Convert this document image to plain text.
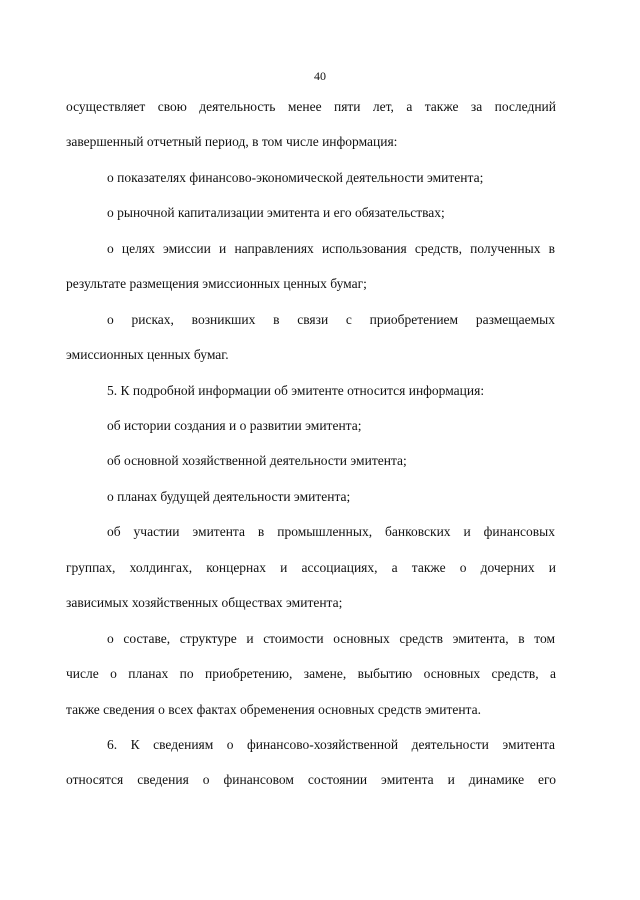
40
осуществляет свою деятельность менее пяти лет, а также за последний
завершенный отчетный период, в том числе информация:
о показателях финансово-экономической деятельности эмитента;
о рыночной капитализации эмитента и его обязательствах;
о целях эмиссии и направлениях использования средств, полученных в
результате размещения эмиссионных ценных бумаг;
о рисках, возникших в связи с приобретением размещаемых
эмиссионных ценных бумаг.
5. К подробной информации об эмитенте относится информация:
об истории создания и о развитии эмитента;
об основной хозяйственной деятельности эмитента;
о планах будущей деятельности эмитента;
об участии эмитента в промышленных, банковских и финансовых
группах, холдингах, концернах и ассоциациях, а также о дочерних и
зависимых хозяйственных обществах эмитента;
о составе, структуре и стоимости основных средств эмитента, в том
числе о планах по приобретению, замене, выбытию основных средств, а
также сведения о всех фактах обременения основных средств эмитента.
6. К сведениям о финансово-хозяйственной деятельности эмитента
относятся сведения о финансовом состоянии эмитента и динамике его
